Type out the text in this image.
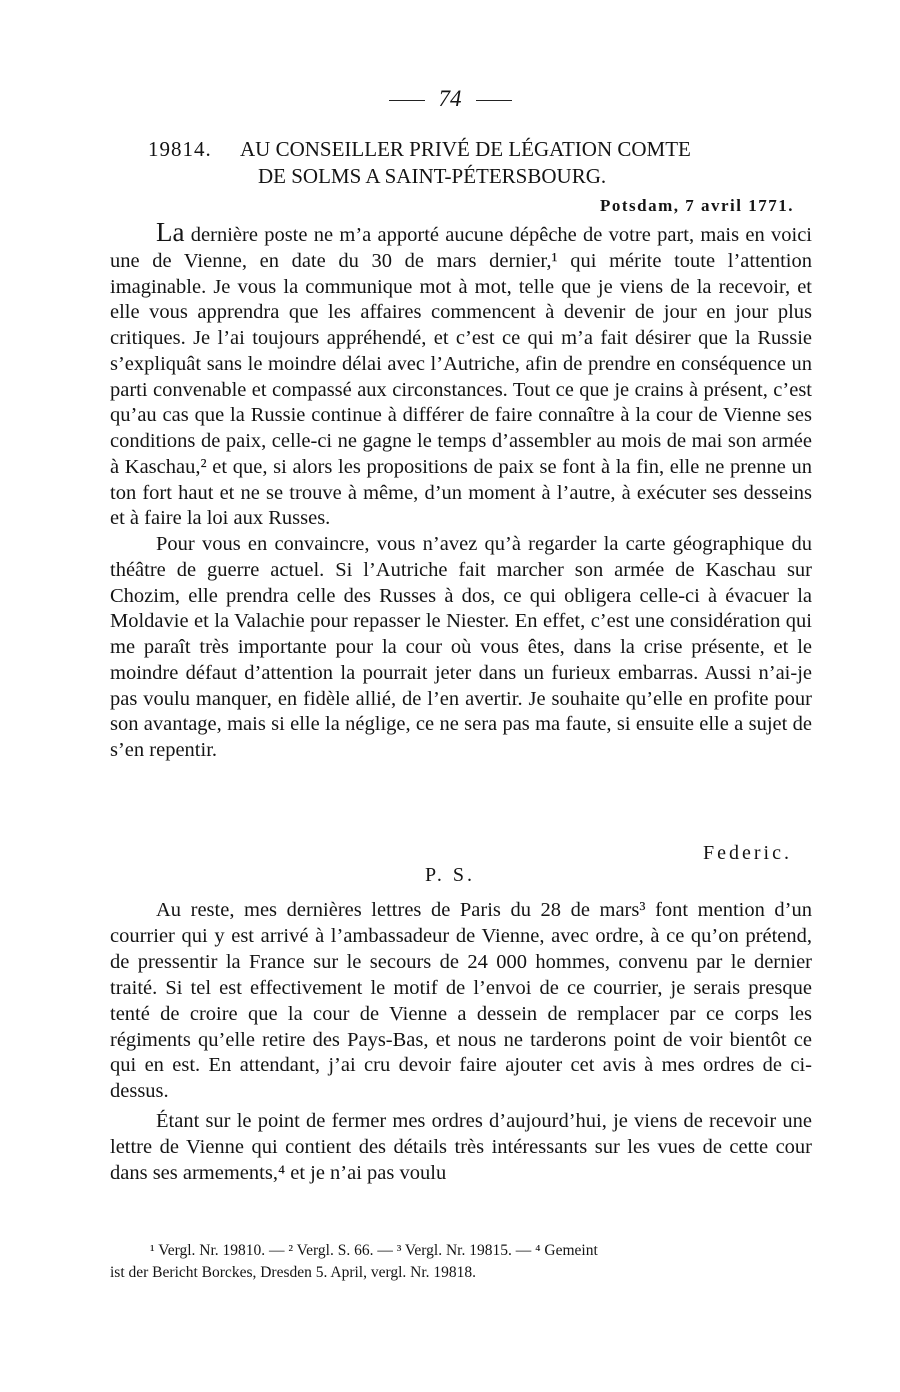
74
19814. AU CONSEILLER PRIVÉ DE LÉGATION COMTE
DE SOLMS A SAINT-PÉTERSBOURG.
Potsdam, 7 avril 1771.

La dernière poste ne m’a apporté aucune dépêche de votre part, mais en voici une de Vienne, en date du 30 de mars dernier,¹ qui mérite toute l’attention imaginable. Je vous la communique mot à mot, telle que je viens de la recevoir, et elle vous apprendra que les affaires commencent à devenir de jour en jour plus critiques. Je l’ai toujours appréhendé, et c’est ce qui m’a fait désirer que la Russie s’expliquât sans le moindre délai avec l’Autriche, afin de prendre en conséquence un parti convenable et compassé aux circonstances. Tout ce que je crains à présent, c’est qu’au cas que la Russie continue à différer de faire connaître à la cour de Vienne ses conditions de paix, celle-ci ne gagne le temps d’assembler au mois de mai son armée à Kaschau,² et que, si alors les propositions de paix se font à la fin, elle ne prenne un ton fort haut et ne se trouve à même, d’un moment à l’autre, à exécuter ses desseins et à faire la loi aux Russes.

Pour vous en convaincre, vous n’avez qu’à regarder la carte géographique du théâtre de guerre actuel. Si l’Autriche fait marcher son armée de Kaschau sur Chozim, elle prendra celle des Russes à dos, ce qui obligera celle-ci à évacuer la Moldavie et la Valachie pour repasser le Niester. En effet, c’est une considération qui me paraît très importante pour la cour où vous êtes, dans la crise présente, et le moindre défaut d’attention la pourrait jeter dans un furieux embarras. Aussi n’ai-je pas voulu manquer, en fidèle allié, de l’en avertir. Je souhaite qu’elle en profite pour son avantage, mais si elle la néglige, ce ne sera pas ma faute, si ensuite elle a sujet de s’en repentir.

Federic.
P. S.

Au reste, mes dernières lettres de Paris du 28 de mars³ font mention d’un courrier qui y est arrivé à l’ambassadeur de Vienne, avec ordre, à ce qu’on prétend, de pressentir la France sur le secours de 24 000 hommes, convenu par le dernier traité. Si tel est effectivement le motif de l’envoi de ce courrier, je serais presque tenté de croire que la cour de Vienne a dessein de remplacer par ce corps les régiments qu’elle retire des Pays-Bas, et nous ne tarderons point de voir bientôt ce qui en est. En attendant, j’ai cru devoir faire ajouter cet avis à mes ordres de ci-dessus.

Étant sur le point de fermer mes ordres d’aujourd’hui, je viens de recevoir une lettre de Vienne qui contient des détails très intéressants sur les vues de cette cour dans ses armements,⁴ et je n’ai pas voulu

¹ Vergl. Nr. 19810. — ² Vergl. S. 66. — ³ Vergl. Nr. 19815. — ⁴ Gemeint
ist der Bericht Borckes, Dresden 5. April, vergl. Nr. 19818.
